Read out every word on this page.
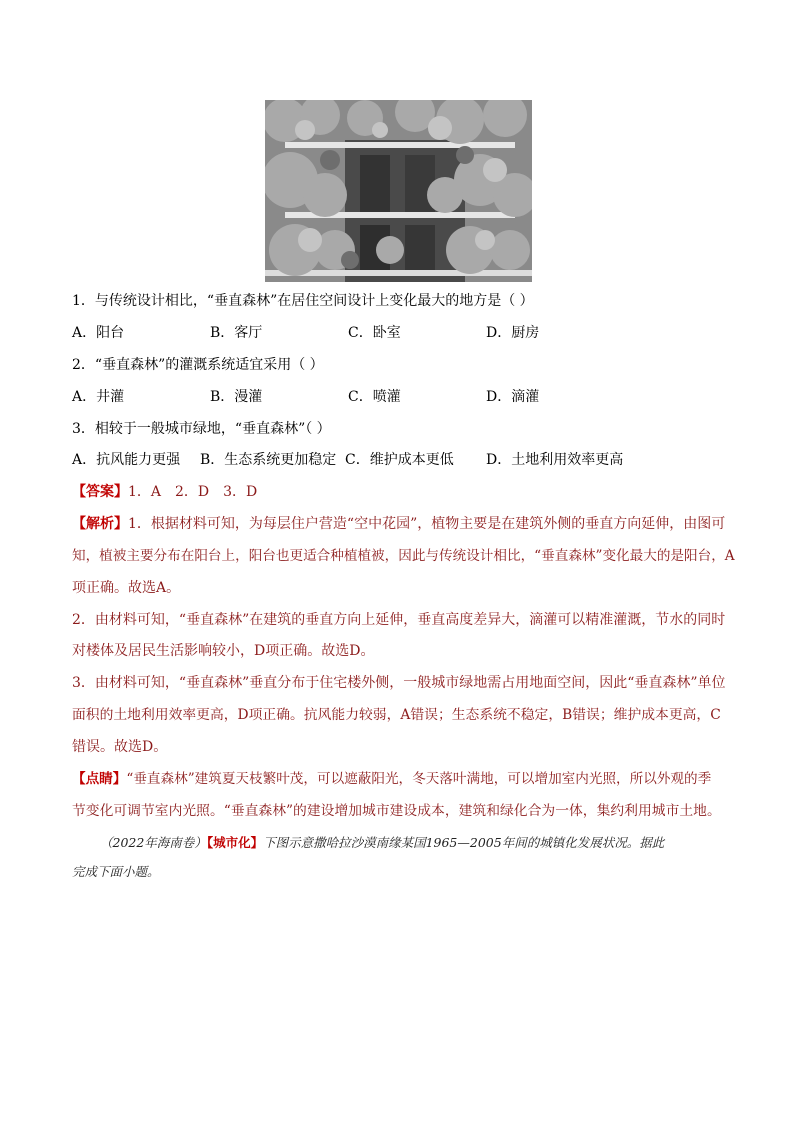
1．与传统设计相比，“垂直森林”在居住空间设计上变化最大的地方是（ ）
A．阳台	B．客厅	C．卧室	D．厨房
2．“垂直森林”的灌溉系统适宜采用（ ）
A．井灌	B．漫灌	C．喷灌	D．滴灌
3．相较于一般城市绿地，“垂直森林”（ ）
A．抗风能力更强 B．生态系统更加稳定 C．维护成本更低 D．土地利用效率更高
【答案】1．A　2．D　3．D
【解析】1．根据材料可知，为每层住户营造“空中花园”，植物主要是在建筑外侧的垂直方向延伸，由图可
知，植被主要分布在阳台上，阳台也更适合种植植被，因此与传统设计相比，“垂直森林”变化最大的是阳台，A
项正确。故选A。
2．由材料可知，“垂直森林”在建筑的垂直方向上延伸，垂直高度差异大，滴灌可以精准灌溉，节水的同时
对楼体及居民生活影响较小，D项正确。故选D。
3．由材料可知，“垂直森林”垂直分布于住宅楼外侧，一般城市绿地需占用地面空间，因此“垂直森林”单位
面积的土地利用效率更高，D项正确。抗风能力较弱，A错误；生态系统不稳定，B错误；维护成本更高，C
错误。故选D。
【点睛】“垂直森林”建筑夏天枝繁叶茂，可以遮蔽阳光，冬天落叶满地，可以增加室内光照，所以外观的季
节变化可调节室内光照。“垂直森林”的建设增加城市建设成本，建筑和绿化合为一体，集约利用城市土地。
（2022年海南卷）【城市化】下图示意撒哈拉沙漠南缘某国1965—2005年间的城镇化发展状况。据此
完成下面小题。
